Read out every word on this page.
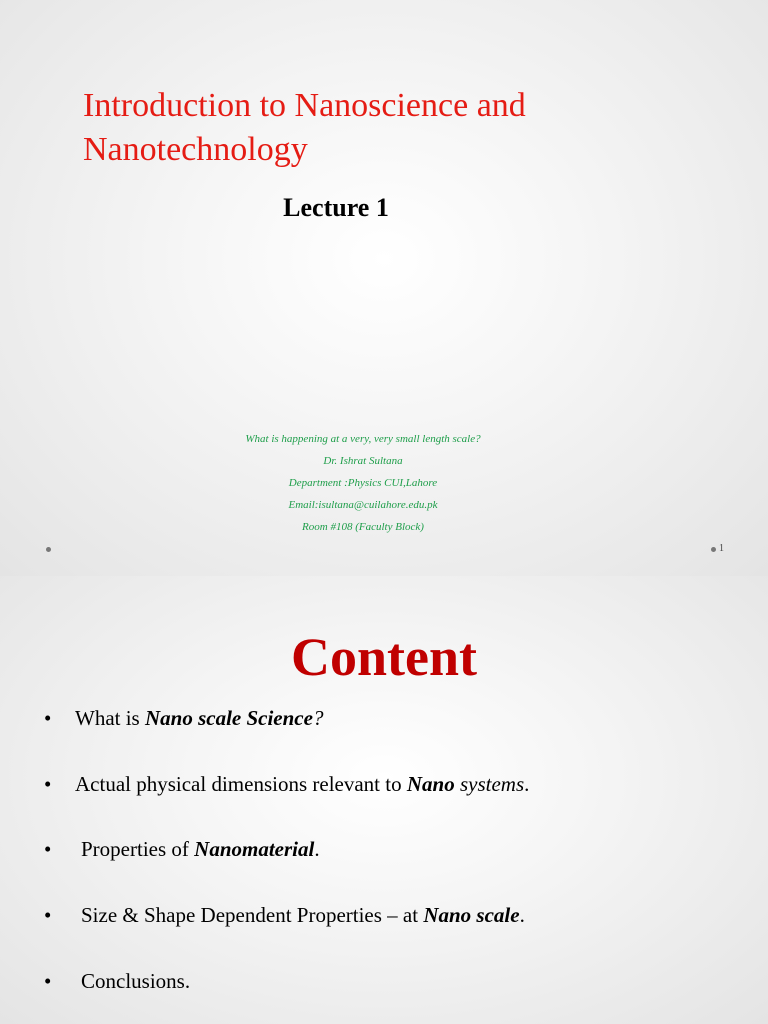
Introduction to Nanoscience and Nanotechnology
Lecture 1
What is happening at a very, very small length scale?
Dr. Ishrat Sultana
Department :Physics CUI,Lahore
Email:isultana@cuilahore.edu.pk
Room #108 (Faculty Block)
1
Content
• What is Nano scale Science?
• Actual physical dimensions relevant to Nano systems.
• Properties of Nanomaterial.
• Size & Shape Dependent Properties – at Nano scale.
• Conclusions.
